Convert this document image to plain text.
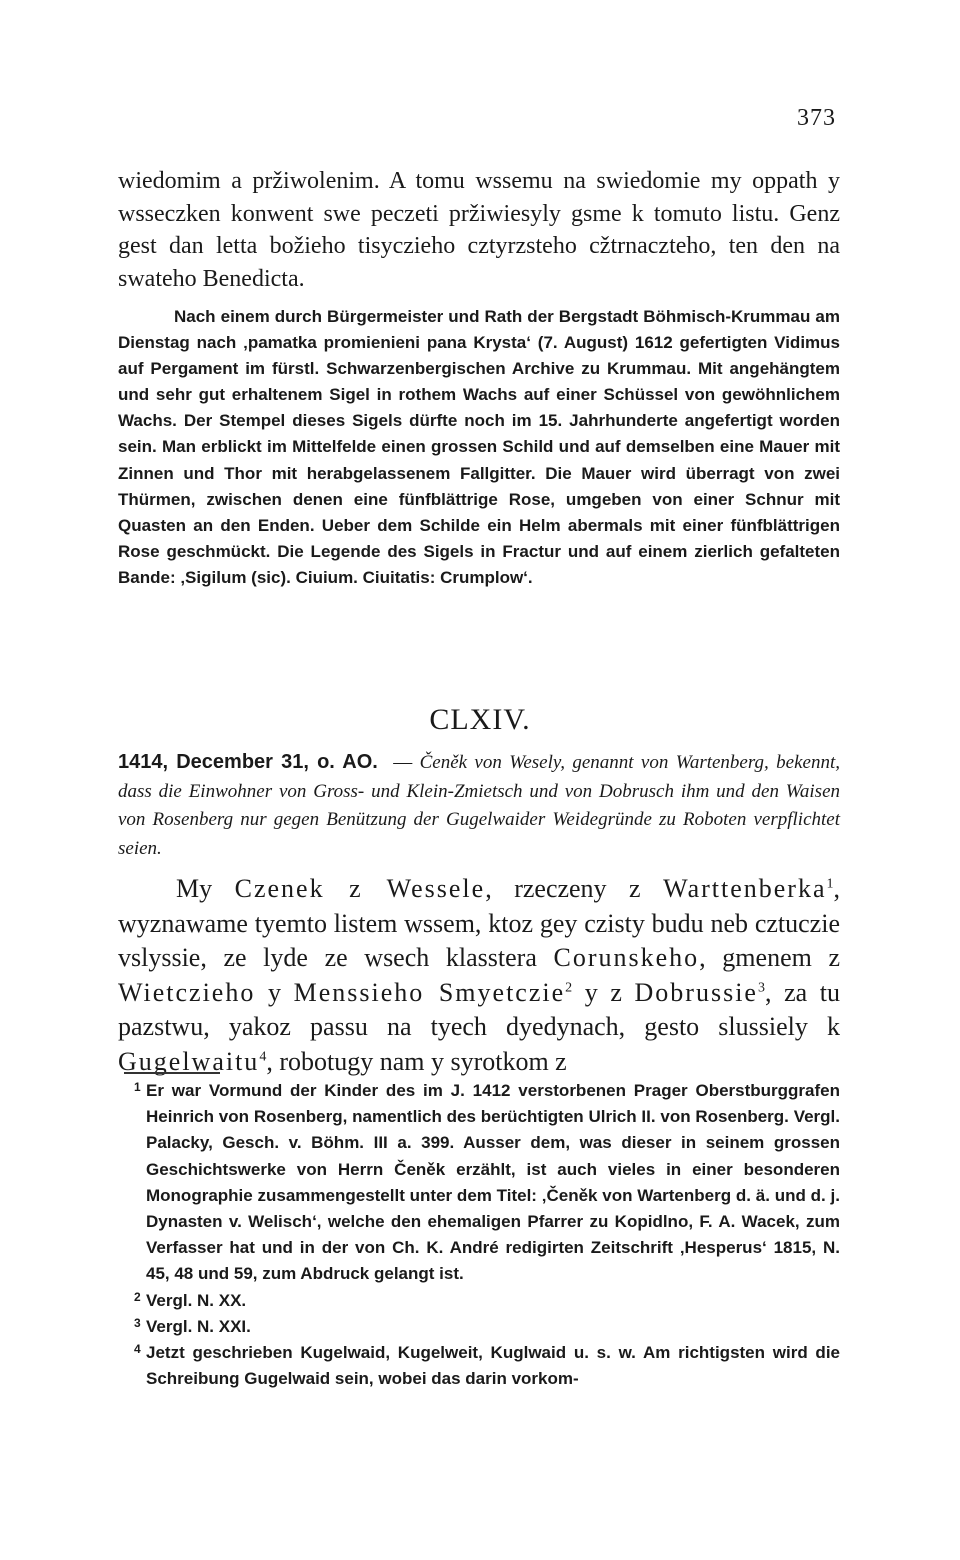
373

wiedomim a pržiwolenim. A tomu wssemu na swiedomie my oppath y wsseczken konwent swe peczeti pržiwiesyly gsme k tomuto listu. Genz gest dan letta božieho tisyczieho cztyrzsteho cžtrnaczteho, ten den na swateho Benedicta.

Nach einem durch Bürgermeister und Rath der Bergstadt Böhmisch-Krummau am Dienstag nach ‚pamatka promienieni pana Krysta‘ (7. August) 1612 gefertigten Vidimus auf Pergament im fürstl. Schwarzenbergischen Archive zu Krummau. Mit angehängtem und sehr gut erhaltenem Sigel in rothem Wachs auf einer Schüssel von gewöhnlichem Wachs. Der Stempel dieses Sigels dürfte noch im 15. Jahrhunderte angefertigt worden sein. Man erblickt im Mittelfelde einen grossen Schild und auf demselben eine Mauer mit Zinnen und Thor mit herabgelassenem Fallgitter. Die Mauer wird überragt von zwei Thürmen, zwischen denen eine fünfblättrige Rose, umgeben von einer Schnur mit Quasten an den Enden. Ueber dem Schilde ein Helm abermals mit einer fünfblättrigen Rose geschmückt. Die Legende des Sigels in Fractur und auf einem zierlich gefalteten Bande: ‚Sigilum (sic). Ciuium. Ciuitatis: Crumplow‘.

CLXIV.
1414, December 31, o. AO. — Čeněk von Wesely, genannt von Wartenberg, bekennt, dass die Einwohner von Gross- und Klein-Zmietsch und von Dobrusch ihm und den Waisen von Rosenberg nur gegen Benützung der Gugelwaider Weidegründe zu Roboten verpflichtet seien.

My Czenek z Wessele, rzeczeny z Warttenberka$^1$, wyznawame tyemto listem wssem, ktoz gey czisty budu neb cztuczie vslyssie, ze lyde ze wsech klasstera Corunskeho, gmenem z Wietczieho y Menssieho Smyetczie$^2$ y z Dobrussie$^3$, za tu pazstwu, yakoz passu na tyech dyedynach, gesto slussiely k Gugelwaitu$^4$, robotugy nam y syrotkom z

1 Er war Vormund der Kinder des im J. 1412 verstorbenen Prager Oberstburggrafen Heinrich von Rosenberg, namentlich des berüchtigten Ulrich II. von Rosenberg. Vergl. Palacky, Gesch. v. Böhm. III a. 399. Ausser dem, was dieser in seinem grossen Geschichtswerke von Herrn Čeněk erzählt, ist auch vieles in einer besonderen Monographie zusammengestellt unter dem Titel: ‚Čeněk von Wartenberg d. ä. und d. j. Dynasten v. Welisch‘, welche den ehemaligen Pfarrer zu Kopidlno, F. A. Wacek, zum Verfasser hat und in der von Ch. K. André redigirten Zeitschrift ‚Hesperus‘ 1815, N. 45, 48 und 59, zum Abdruck gelangt ist.

2 Vergl. N. XX.

3 Vergl. N. XXI.

4 Jetzt geschrieben Kugelwaid, Kugelweit, Kuglwaid u. s. w. Am richtigsten wird die Schreibung Gugelwaid sein, wobei das darin vorkom-
